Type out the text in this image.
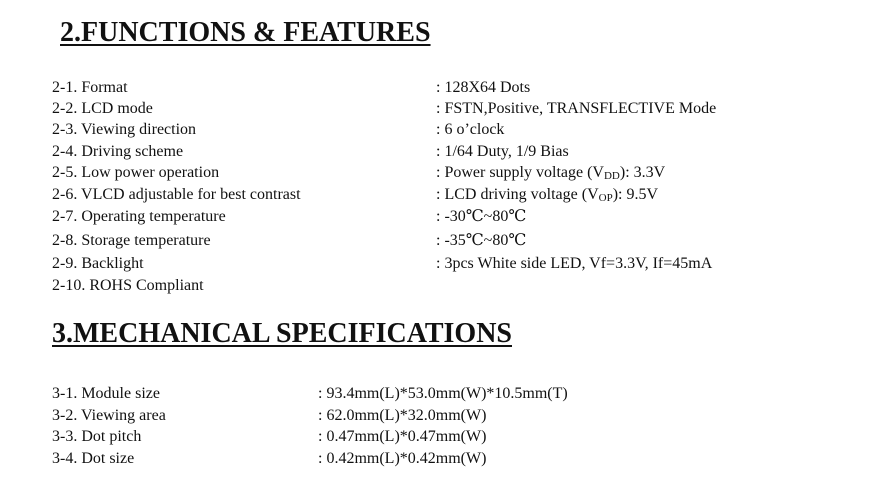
2.FUNCTIONS & FEATURES
2-1. Format	: 128X64 Dots
2-2. LCD mode	: FSTN,Positive, TRANSFLECTIVE Mode
2-3. Viewing direction	: 6 o’clock
2-4. Driving scheme	: 1/64 Duty, 1/9 Bias
2-5. Low power operation	: Power supply voltage $(V_{DD})$: 3.3V
2-6. VLCD adjustable for best contrast	: LCD driving voltage $(V_{OP})$: 9.5V
2-7. Operating temperature	: -30℃~80℃
2-8. Storage temperature	: -35℃~80℃
2-9. Backlight	: 3pcs White side LED, Vf=3.3V, If=45mA
2-10. ROHS Compliant
3.MECHANICAL SPECIFICATIONS
3-1. Module size	: 93.4mm(L)*53.0mm(W)*10.5mm(T)
3-2. Viewing area	: 62.0mm(L)*32.0mm(W)
3-3. Dot pitch	: 0.47mm(L)*0.47mm(W)
3-4. Dot size	: 0.42mm(L)*0.42mm(W)
